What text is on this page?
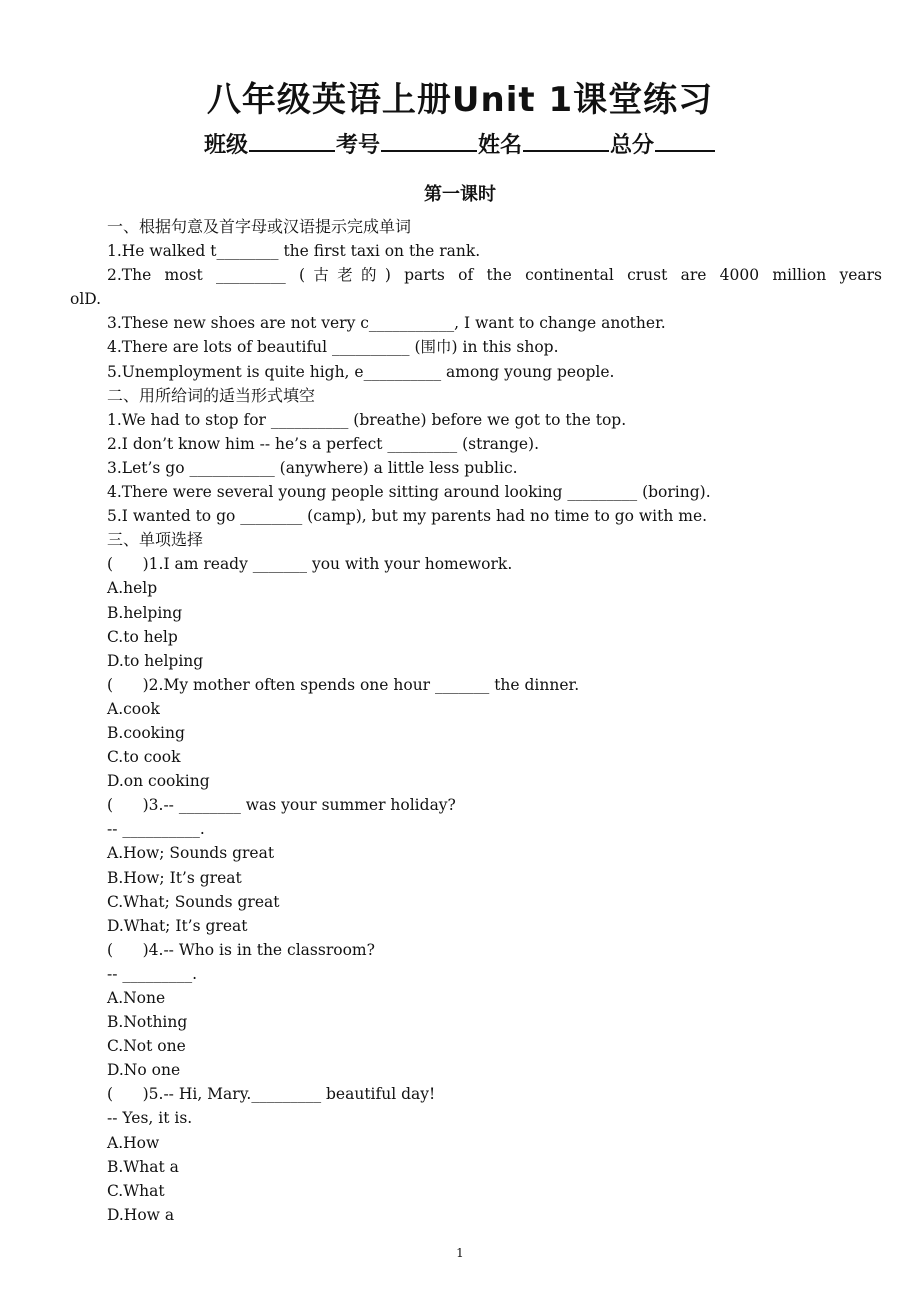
八年级英语上册Unit 1课堂练习
班级	考号	姓名	总分
第一课时
一、根据句意及首字母或汉语提示完成单词
1.He walked t________ the first taxi on the rank.
2.The most _________ (古老的) parts of the continental crust are 4000 million years
olD.
3.These new shoes are not very c___________, I want to change another.
4.There are lots of beautiful __________ (围巾) in this shop.
5.Unemployment is quite high, e__________ among young people.
二、用所给词的适当形式填空
1.We had to stop for __________ (breathe) before we got to the top.
2.I don’t know him -- he’s a perfect _________ (strange).
3.Let’s go ___________ (anywhere) a little less public.
4.There were several young people sitting around looking _________ (boring).
5.I wanted to go ________ (camp), but my parents had no time to go with me.
三、单项选择
(      )1.I am ready _______ you with your homework.
A.help
B.helping
C.to help
D.to helping
(      )2.My mother often spends one hour _______ the dinner.
A.cook
B.cooking
C.to cook
D.on cooking
(      )3.-- ________ was your summer holiday?
-- __________.
A.How; Sounds great
B.How; It’s great
C.What; Sounds great
D.What; It’s great
(      )4.-- Who is in the classroom?
-- _________.
A.None
B.Nothing
C.Not one
D.No one
(      )5.-- Hi, Mary._________ beautiful day!
-- Yes, it is.
A.How
B.What a
C.What
D.How a
1
